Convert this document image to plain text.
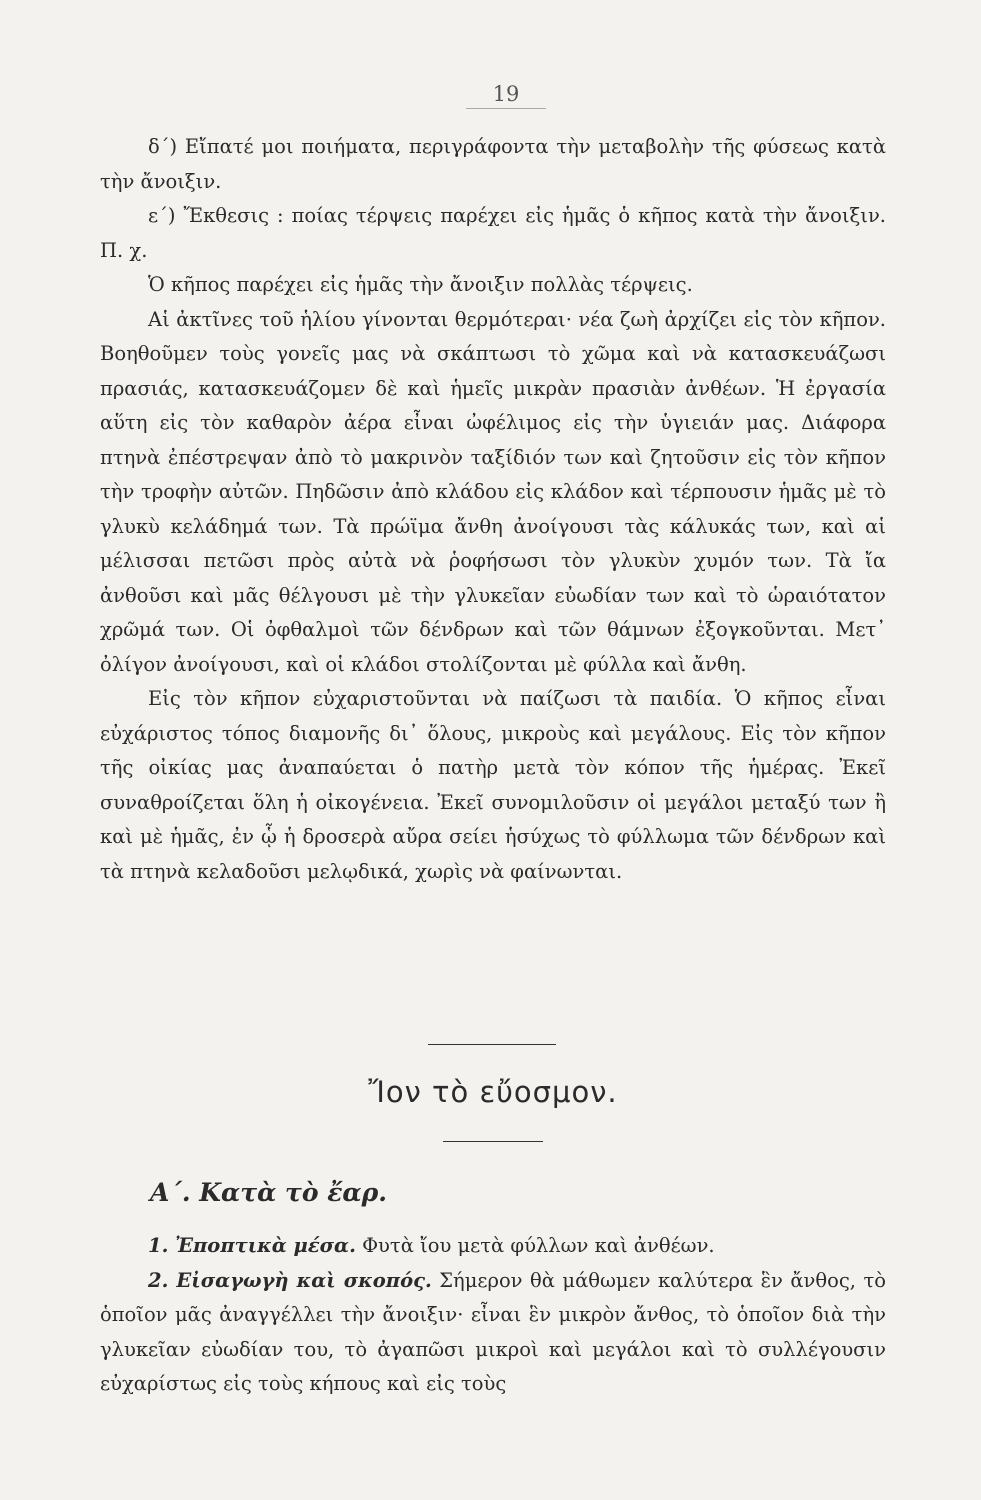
19

δ΄) Εἴπατέ μοι ποιήματα, περιγράφοντα τὴν μεταβολὴν τῆς φύσεως κατὰ τὴν ἄνοιξιν.

ε΄) Ἔκθεσις : ποίας τέρψεις παρέχει εἰς ἡμᾶς ὁ κῆπος κατὰ τὴν ἄνοιξιν. Π. χ.

Ὁ κῆπος παρέχει εἰς ἡμᾶς τὴν ἄνοιξιν πολλὰς τέρψεις.

Αἱ ἀκτῖνες τοῦ ἡλίου γίνονται θερμότεραι· νέα ζωὴ ἀρχίζει εἰς τὸν κῆπον. Βοηθοῦμεν τοὺς γονεῖς μας νὰ σκάπτωσι τὸ χῶμα καὶ νὰ κατασκευάζωσι πρασιάς, κατασκευάζομεν δὲ καὶ ἡμεῖς μικρὰν πρασιὰν ἀνθέων. Ἡ ἐργασία αὕτη εἰς τὸν καθαρὸν ἀέρα εἶναι ὠφέλιμος εἰς τὴν ὑγιειάν μας. Διάφορα πτηνὰ ἐπέστρεψαν ἀπὸ τὸ μακρινὸν ταξίδιόν των καὶ ζητοῦσιν εἰς τὸν κῆπον τὴν τροφὴν αὐτῶν. Πηδῶσιν ἀπὸ κλάδου εἰς κλάδον καὶ τέρπουσιν ἡμᾶς μὲ τὸ γλυκὺ κελάδημά των. Τὰ πρώϊμα ἄνθη ἀνοίγουσι τὰς κάλυκάς των, καὶ αἱ μέλισσαι πετῶσι πρὸς αὐτὰ νὰ ῥοφήσωσι τὸν γλυκὺν χυμόν των. Τὰ ἴα ἀνθοῦσι καὶ μᾶς θέλγουσι μὲ τὴν γλυκεῖαν εὐωδίαν των καὶ τὸ ὡραιότατον χρῶμά των. Οἱ ὀφθαλμοὶ τῶν δένδρων καὶ τῶν θάμνων ἐξογκοῦνται. Μετ᾽ ὀλίγον ἀνοίγουσι, καὶ οἱ κλάδοι στολίζονται μὲ φύλλα καὶ ἄνθη.

Εἰς τὸν κῆπον εὐχαριστοῦνται νὰ παίζωσι τὰ παιδία. Ὁ κῆπος εἶναι εὐχάριστος τόπος διαμονῆς δι᾽ ὅλους, μικροὺς καὶ μεγάλους. Εἰς τὸν κῆπον τῆς οἰκίας μας ἀναπαύεται ὁ πατὴρ μετὰ τὸν κόπον τῆς ἡμέρας. Ἐκεῖ συναθροίζεται ὅλη ἡ οἰκογένεια. Ἐκεῖ συνομιλοῦσιν οἱ μεγάλοι μεταξύ των ἢ καὶ μὲ ἡμᾶς, ἐν ᾧ ἡ δροσερὰ αὔρα σείει ἡσύχως τὸ φύλλωμα τῶν δένδρων καὶ τὰ πτηνὰ κελαδοῦσι μελῳδικά, χωρὶς νὰ φαίνωνται.

Ἴον τὸ εὔοσμον.
Α΄. Κατὰ τὸ ἔαρ.

1. Ἐποπτικὰ μέσα. Φυτὰ ἴου μετὰ φύλλων καὶ ἀνθέων.

2. Εἰσαγωγὴ καὶ σκοπός. Σήμερον θὰ μάθωμεν καλύτερα ἓν ἄνθος, τὸ ὁποῖον μᾶς ἀναγγέλλει τὴν ἄνοιξιν· εἶναι ἓν μικρὸν ἄνθος, τὸ ὁποῖον διὰ τὴν γλυκεῖαν εὐωδίαν του, τὸ ἀγαπῶσι μικροὶ καὶ μεγάλοι καὶ τὸ συλλέγουσιν εὐχαρίστως εἰς τοὺς κήπους καὶ εἰς τοὺς
